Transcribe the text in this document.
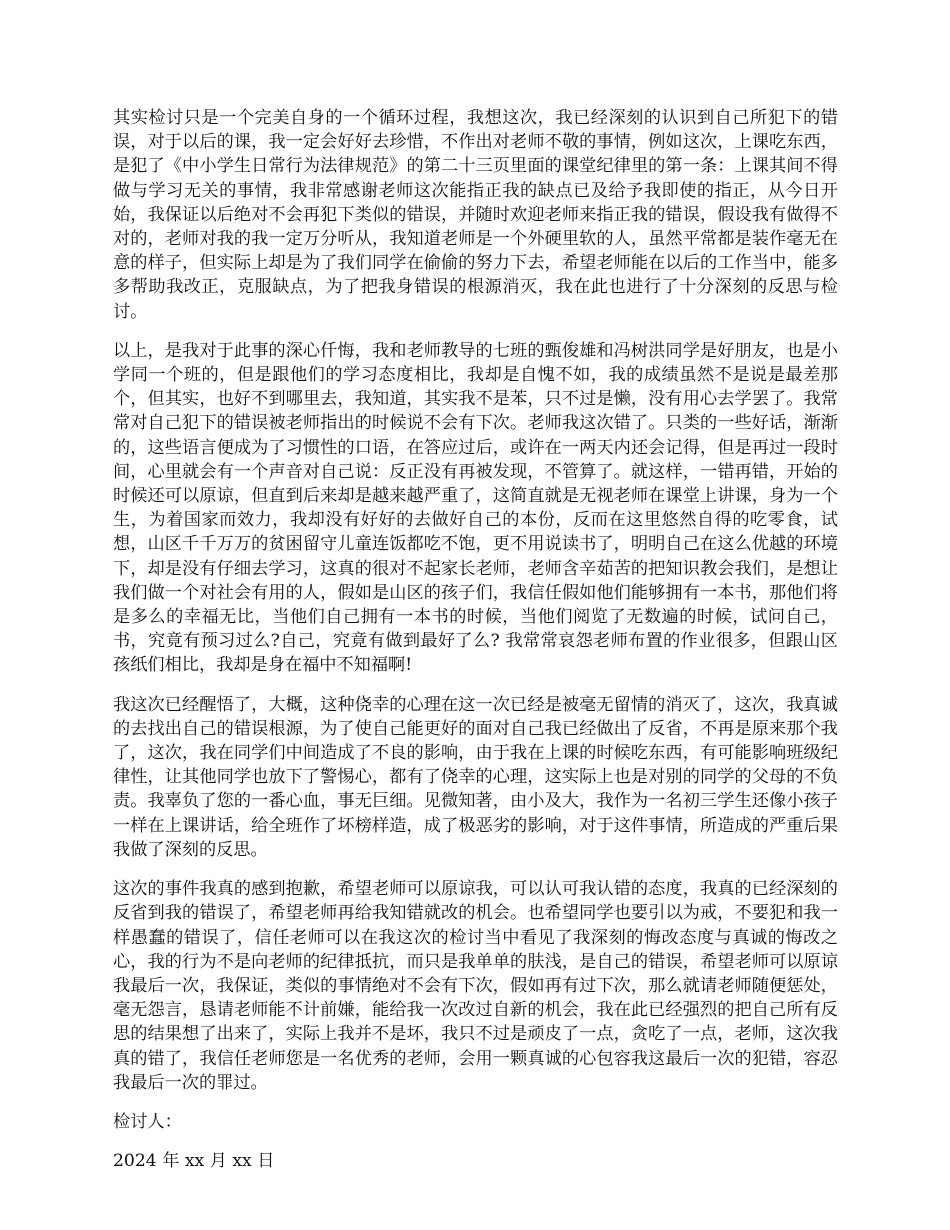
其实检讨只是一个完美自身的一个循环过程，我想这次，我已经深刻的认识到自己所犯下的错误，对于以后的课，我一定会好好去珍惜，不作出对老师不敬的事情，例如这次，上课吃东西，是犯了《中小学生日常行为法律规范》的第二十三页里面的课堂纪律里的第一条：上课其间不得做与学习无关的事情，我非常感谢老师这次能指正我的缺点已及给予我即使的指正，从今日开始，我保证以后绝对不会再犯下类似的错误，并随时欢迎老师来指正我的错误，假设我有做得不对的，老师对我的我一定万分听从，我知道老师是一个外硬里软的人，虽然平常都是装作毫无在意的样子，但实际上却是为了我们同学在偷偷的努力下去，希望老师能在以后的工作当中，能多多帮助我改正，克服缺点，为了把我身错误的根源消灭，我在此也进行了十分深刻的反思与检讨。

以上，是我对于此事的深心仟悔，我和老师教导的七班的甄俊雄和冯树洪同学是好朋友，也是小学同一个班的，但是跟他们的学习态度相比，我却是自愧不如，我的成绩虽然不是说是最差那个，但其实，也好不到哪里去，我知道，其实我不是苯，只不过是懒，没有用心去学罢了。我常常对自己犯下的错误被老师指出的时候说不会有下次。老师我这次错了。只类的一些好话，渐渐的，这些语言便成为了习惯性的口语，在答应过后，或许在一两天内还会记得，但是再过一段时间，心里就会有一个声音对自己说：反正没有再被发现，不管算了。就这样，一错再错，开始的时候还可以原谅，但直到后来却是越来越严重了，这简直就是无视老师在课堂上讲课，身为一个生，为着国家而效力，我却没有好好的去做好自己的本份，反而在这里悠然自得的吃零食，试想，山区千千万万的贫困留守儿童连饭都吃不饱，更不用说读书了，明明自己在这么优越的环境下，却是没有仔细去学习，这真的很对不起家长老师，老师含辛茹苦的把知识教会我们，是想让我们做一个对社会有用的人，假如是山区的孩子们，我信任假如他们能够拥有一本书，那他们将是多么的幸福无比，当他们自己拥有一本书的时候，当他们阅览了无数遍的时候，试问自己，书，究竟有预习过么?自己，究竟有做到最好了么? 我常常哀怨老师布置的作业很多，但跟山区孩纸们相比，我却是身在福中不知福啊!

我这次已经醒悟了，大概，这种侥幸的心理在这一次已经是被毫无留情的消灭了，这次，我真诚的去找出自己的错误根源，为了使自己能更好的面对自己我已经做出了反省，不再是原来那个我了，这次，我在同学们中间造成了不良的影响，由于我在上课的时候吃东西，有可能影响班级纪律性，让其他同学也放下了警惕心，都有了侥幸的心理，这实际上也是对别的同学的父母的不负责。我辜负了您的一番心血，事无巨细。见微知著，由小及大，我作为一名初三学生还像小孩子一样在上课讲话，给全班作了坏榜样造，成了极恶劣的影响，对于这件事情，所造成的严重后果我做了深刻的反思。

这次的事件我真的感到抱歉，希望老师可以原谅我，可以认可我认错的态度，我真的已经深刻的反省到我的错误了，希望老师再给我知错就改的机会。也希望同学也要引以为戒，不要犯和我一样愚蠢的错误了，信任老师可以在我这次的检讨当中看见了我深刻的悔改态度与真诚的悔改之心，我的行为不是向老师的纪律抵抗，而只是我单单的肤浅，是自己的错误，希望老师可以原谅我最后一次，我保证，类似的事情绝对不会有下次，假如再有过下次，那么就请老师随便惩处，毫无怨言，恳请老师能不计前嫌，能给我一次改过自新的机会，我在此已经强烈的把自己所有反思的结果想了出来了，实际上我并不是坏，我只不过是顽皮了一点，贪吃了一点，老师，这次我真的错了，我信任老师您是一名优秀的老师，会用一颗真诚的心包容我这最后一次的犯错，容忍我最后一次的罪过。

检讨人：

2024 年 xx 月 xx 日
